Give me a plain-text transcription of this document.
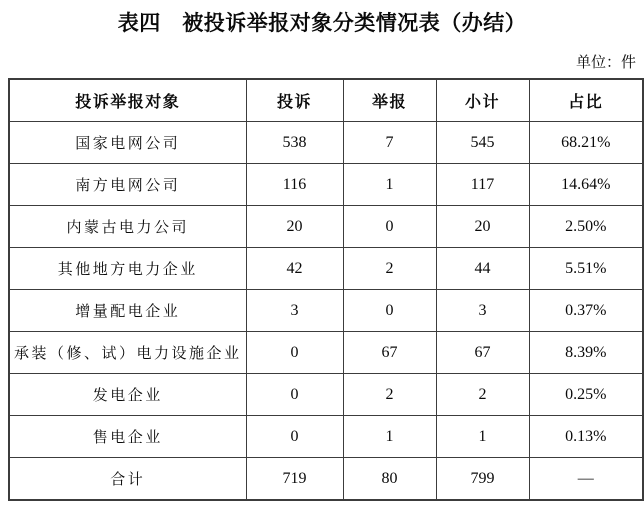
表四　被投诉举报对象分类情况表（办结）
单位：件
投诉举报对象	投诉	举报	小计	占比
国家电网公司	538	7	545	68.21%
南方电网公司	116	1	117	14.64%
内蒙古电力公司	20	0	20	2.50%
其他地方电力企业	42	2	44	5.51%
增量配电企业	3	0	3	0.37%
承装（修、试）电力设施企业	0	67	67	8.39%
发电企业	0	2	2	0.25%
售电企业	0	1	1	0.13%
合计	719	80	799	—
